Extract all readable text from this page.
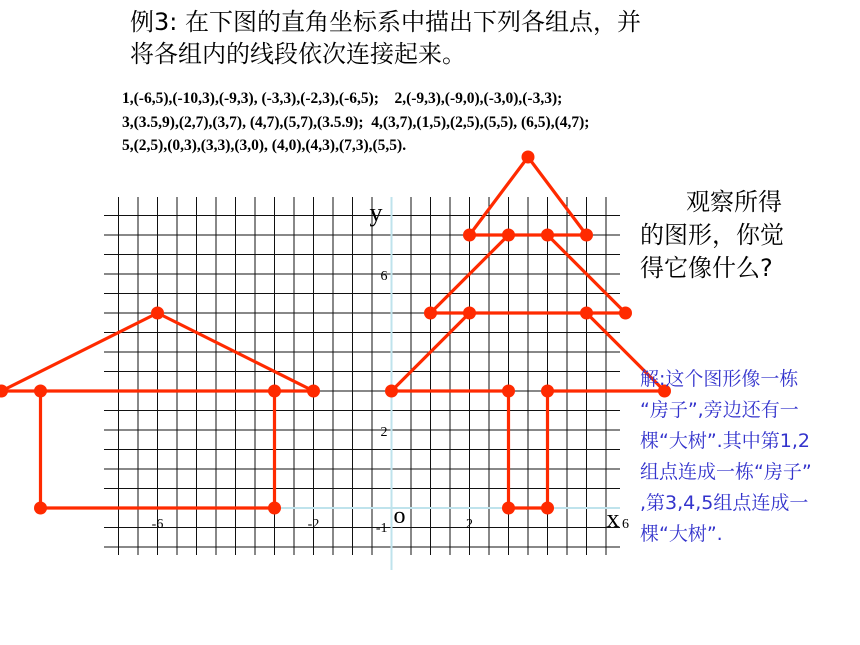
例3: 在下图的直角坐标系中描出下列各组点，并
将各组内的线段依次连接起来。
1,(-6,5),(-10,3),(-9,3), (-3,3),(-2,3),(-6,5);    2,(-9,3),(-9,0),(-3,0),(-3,3);
3,(3.5,9),(2,7),(3,7), (4,7),(5,7),(3.5.9);  4,(3,7),(1,5),(2,5),(5,5), (6,5),(4,7);
5,(2,5),(0,3),(3,3),(3,0), (4,0),(4,3),(7,3),(5,5).
-6	-2	2	6
6
2
-1 o	x
y	观察所得
的图形，你觉
得它像什么?
解:这个图形像一栋
“房子”,旁边还有一
棵“大树”.其中第1,2
组点连成一栋“房子”
,第3,4,5组点连成一
棵“大树”.
